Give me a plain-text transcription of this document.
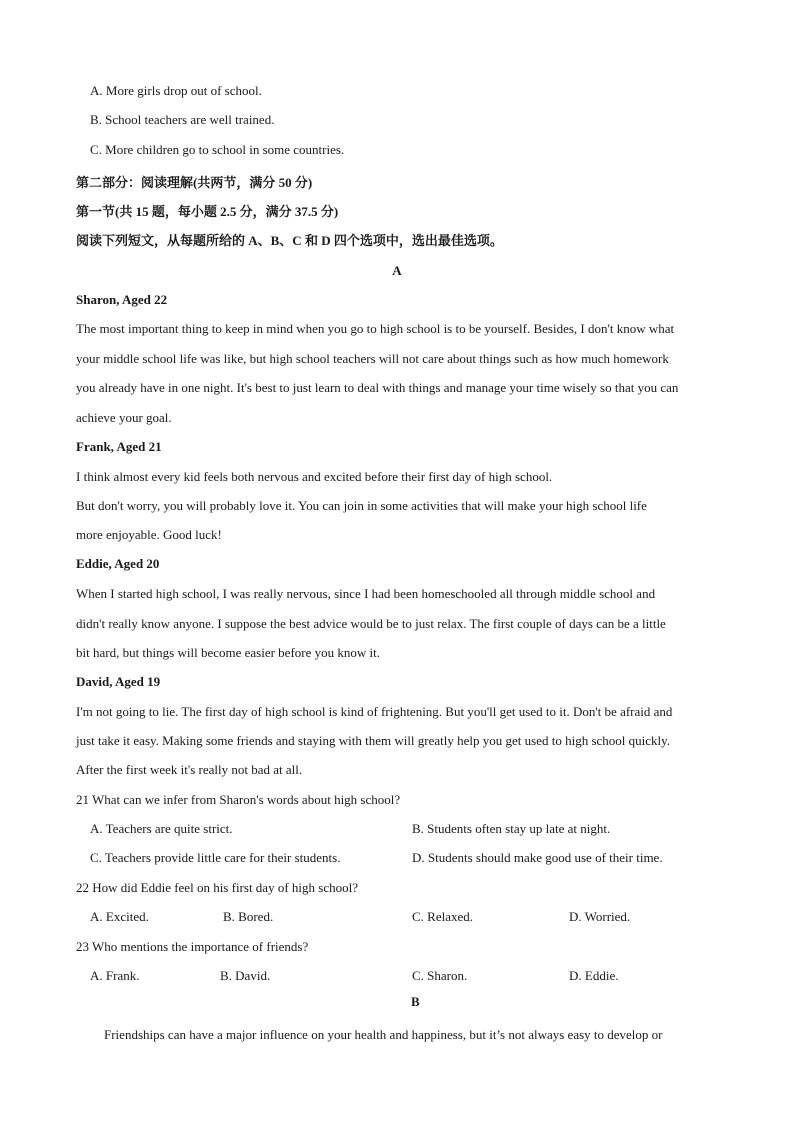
A. More girls drop out of school.
B. School teachers are well trained.
C. More children go to school in some countries.
第二部分：阅读理解(共两节，满分 50 分)
第一节(共 15 题，每小题 2.5 分，满分 37.5 分)
阅读下列短文，从每题所给的 A、B、C 和 D 四个选项中，选出最佳选项。
A
Sharon, Aged 22
The most important thing to keep in mind when you go to high school is to be yourself. Besides, I don't know what
your middle school life was like, but high school teachers will not care about things such as how much homework
you already have in one night. It's best to just learn to deal with things and manage your time wisely so that you can
achieve your goal.
Frank, Aged 21
I think almost every kid feels both nervous and excited before their first day of high school.
But don't worry, you will probably love it. You can join in some activities that will make your high school life
more enjoyable. Good luck!
Eddie, Aged 20
When I started high school, I was really nervous, since I had been homeschooled all through middle school and
didn't really know anyone. I suppose the best advice would be to just relax. The first couple of days can be a little
bit hard, but things will become easier before you know it.
David, Aged 19
I'm not going to lie. The first day of high school is kind of frightening. But you'll get used to it. Don't be afraid and
just take it easy. Making some friends and staying with them will greatly help you get used to high school quickly.
After the first week it's really not bad at all.
21 What can we infer from Sharon's words about high school?
A. Teachers are quite strict.	B. Students often stay up late at night.
C. Teachers provide little care for their students.	D. Students should make good use of their time.
22 How did Eddie feel on his first day of high school?
A. Excited.	B. Bored.	C. Relaxed.	D. Worried.
23 Who mentions the importance of friends?
A. Frank.	B. David.	C. Sharon.	D. Eddie.
B
Friendships can have a major influence on your health and happiness, but it’s not always easy to develop or
